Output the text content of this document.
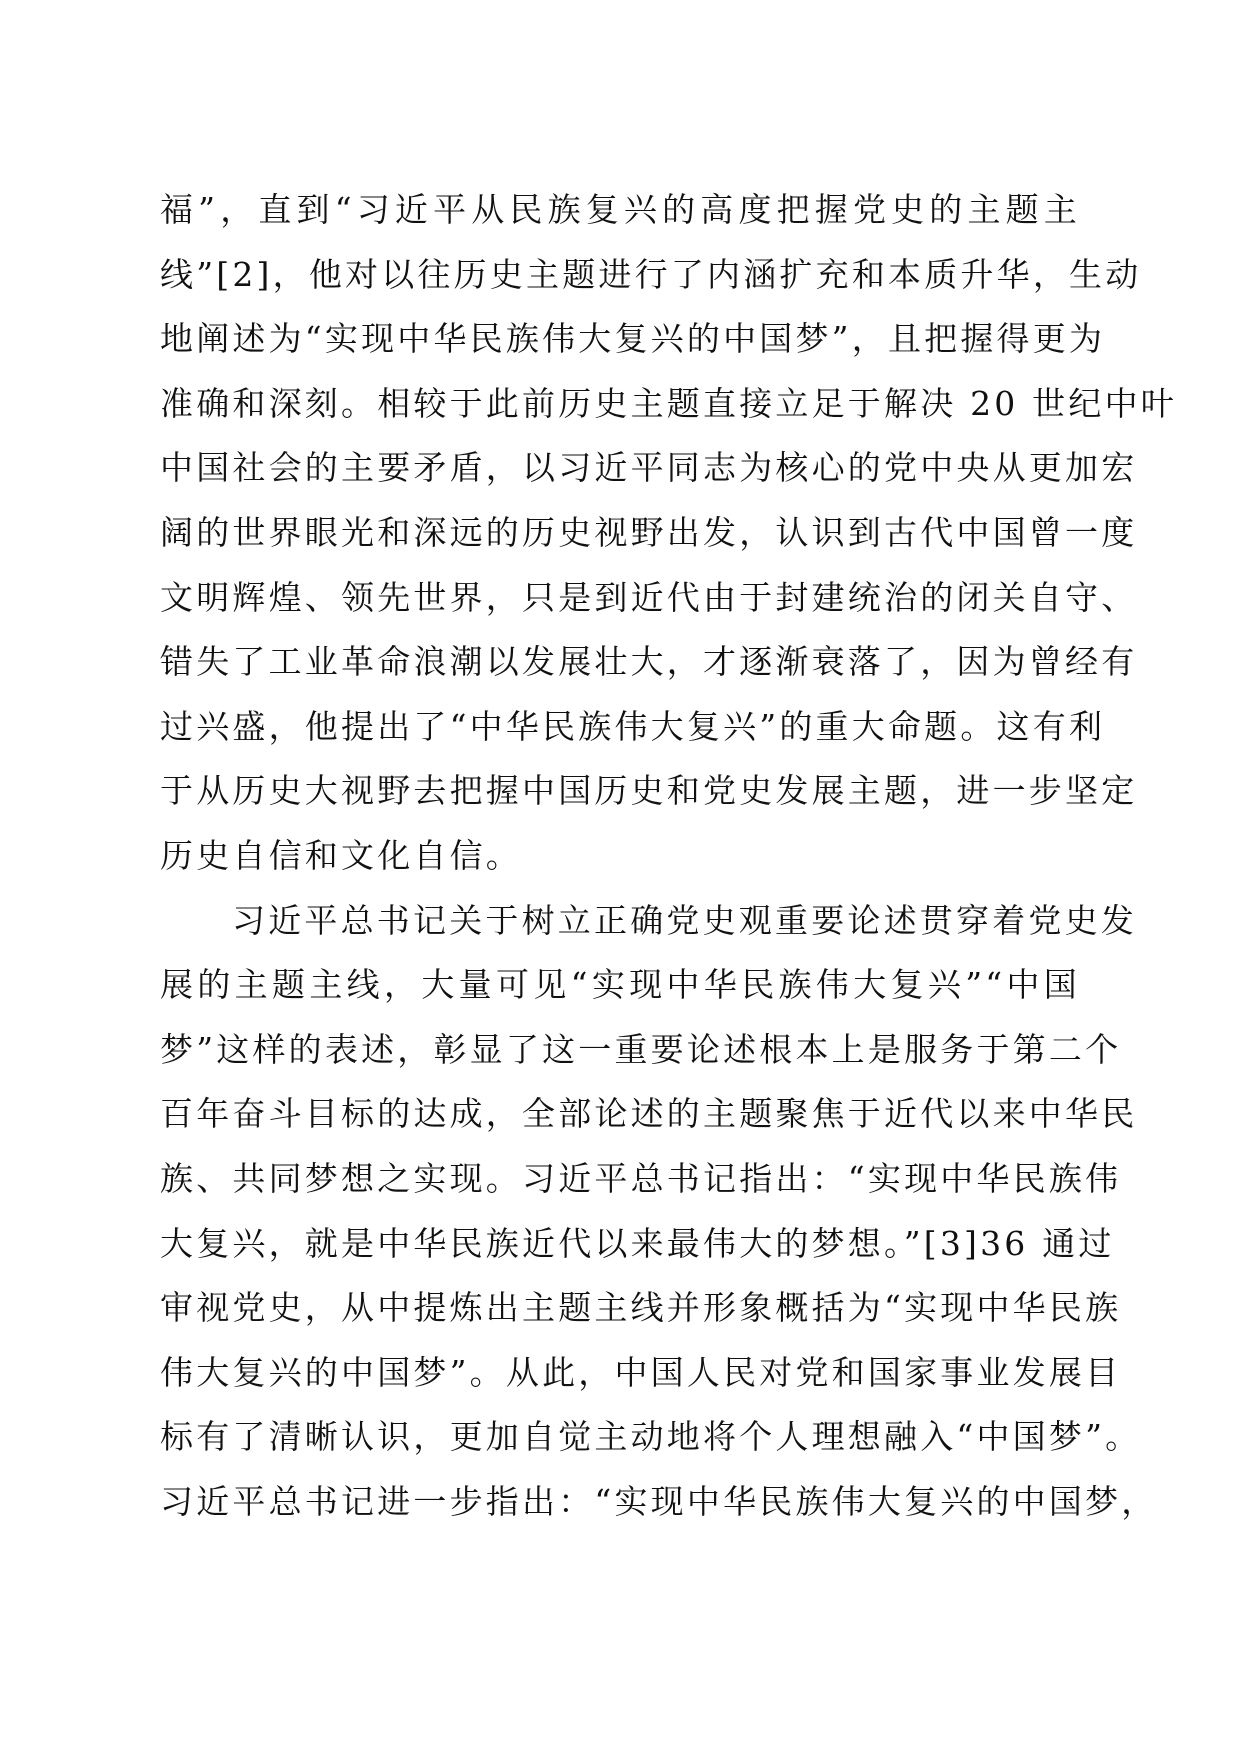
福”，直到“习近平从民族复兴的高度把握党史的主题主
线”[2]，他对以往历史主题进行了内涵扩充和本质升华，生动
地阐述为“实现中华民族伟大复兴的中国梦”，且把握得更为
准确和深刻。相较于此前历史主题直接立足于解决 20 世纪中叶
中国社会的主要矛盾，以习近平同志为核心的党中央从更加宏
阔的世界眼光和深远的历史视野出发，认识到古代中国曾一度
文明辉煌、领先世界，只是到近代由于封建统治的闭关自守、
错失了工业革命浪潮以发展壮大，才逐渐衰落了，因为曾经有
过兴盛，他提出了“中华民族伟大复兴”的重大命题。这有利
于从历史大视野去把握中国历史和党史发展主题，进一步坚定
历史自信和文化自信。
习近平总书记关于树立正确党史观重要论述贯穿着党史发
展的主题主线，大量可见“实现中华民族伟大复兴”“中国
梦”这样的表述，彰显了这一重要论述根本上是服务于第二个
百年奋斗目标的达成，全部论述的主题聚焦于近代以来中华民
族、共同梦想之实现。习近平总书记指出：“实现中华民族伟
大复兴，就是中华民族近代以来最伟大的梦想。”[3]36 通过
审视党史，从中提炼出主题主线并形象概括为“实现中华民族
伟大复兴的中国梦”。从此，中国人民对党和国家事业发展目
标有了清晰认识，更加自觉主动地将个人理想融入“中国梦”。
习近平总书记进一步指出：“实现中华民族伟大复兴的中国梦，
